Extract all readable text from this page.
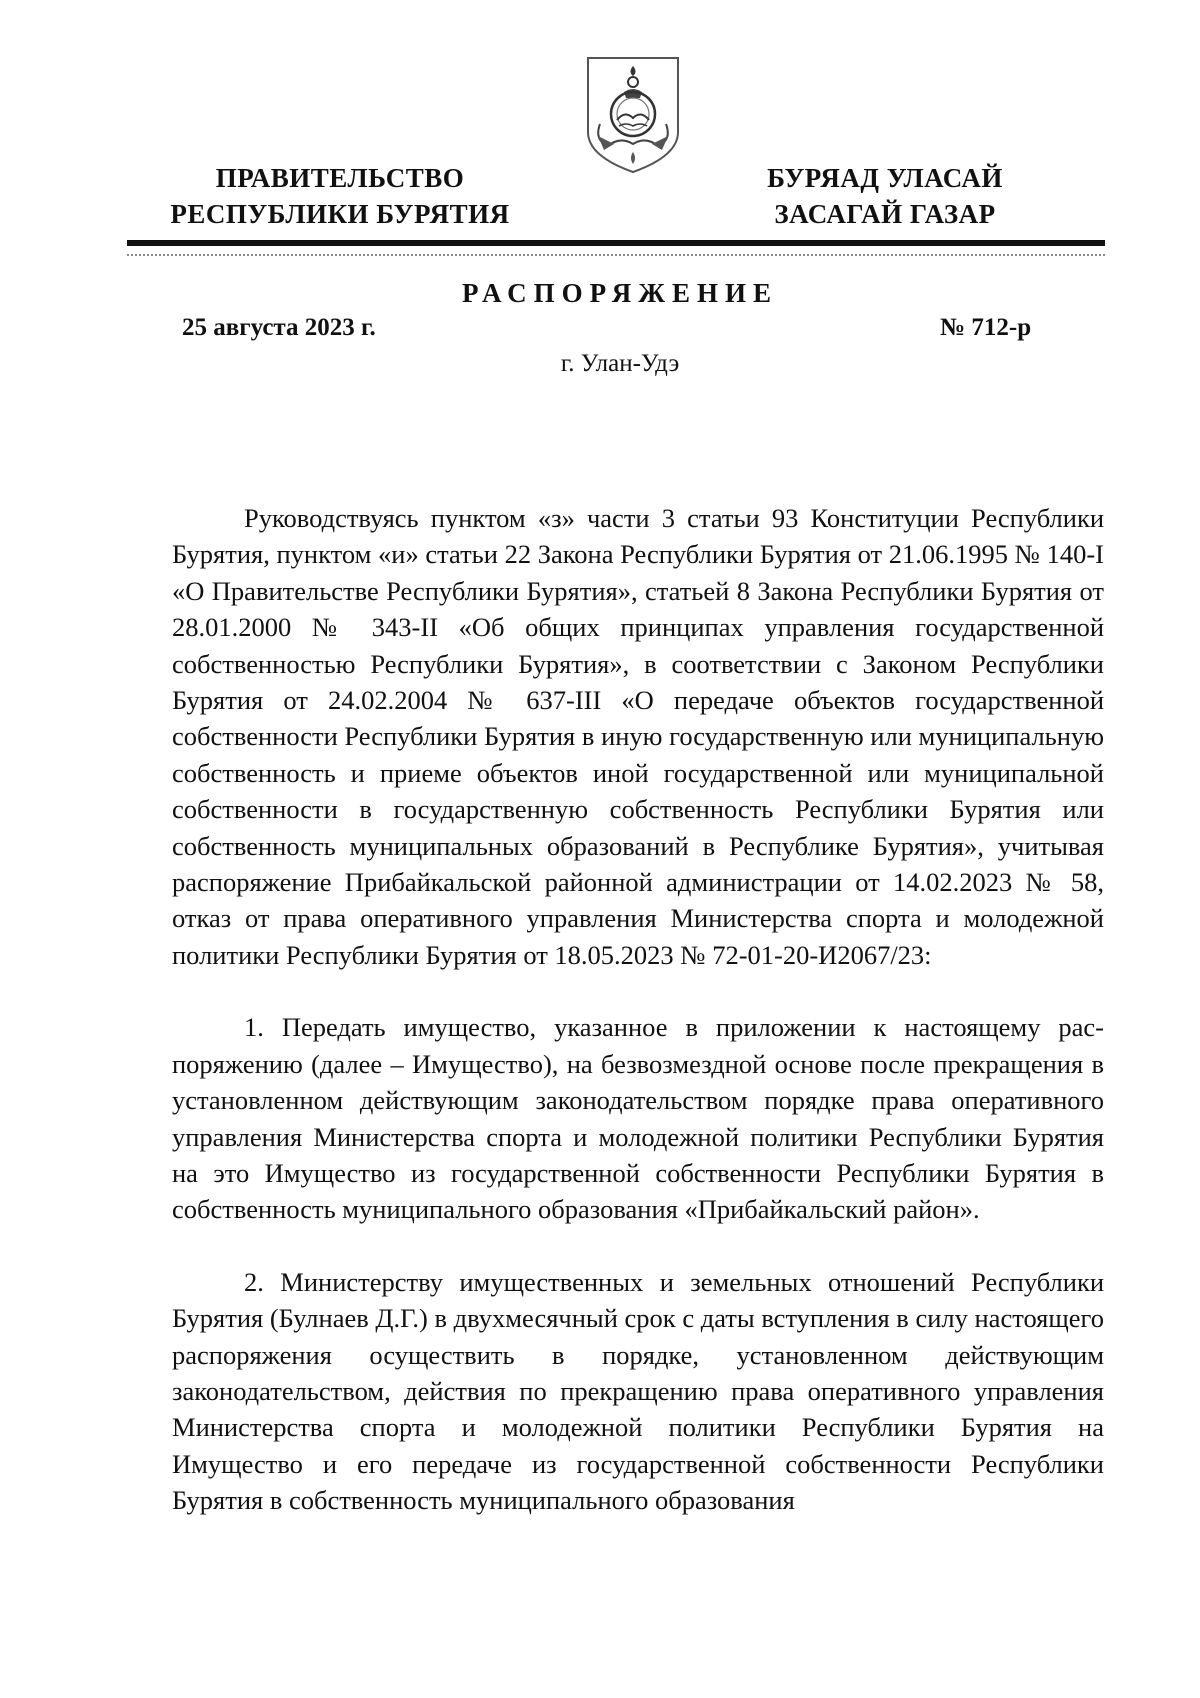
ПРАВИТЕЛЬСТВО
РЕСПУБЛИКИ БУРЯТИЯ
БУРЯАД УЛАСАЙ
ЗАСАГАЙ ГАЗАР
РАСПОРЯЖЕНИЕ
25 августа 2023 г.	№ 712-р
г. Улан-Удэ

Руководствуясь пунктом «з» части 3 статьи 93 Конституции Республики Бурятия, пунктом «и» статьи 22 Закона Республики Бурятия от 21.06.1995 № 140-I «О Правительстве Республики Бурятия», статьей 8 Закона Республики Бурятия от 28.01.2000 № 343-II «Об общих принципах управления государственной собственностью Республики Бурятия», в соответствии с Законом Республики Бурятия от 24.02.2004 № 637-III «О передаче объектов государственной собственности Республики Бурятия в иную государственную или муниципальную собственность и приеме объектов иной государственной или муниципальной собственности в государственную собственность Республики Бурятия или собственность муниципальных образований в Республике Бурятия», учитывая распоряжение Прибайкальской районной администрации от 14.02.2023 № 58, отказ от права оперативного управления Министерства спорта и молодежной политики Республики Бурятия от 18.05.2023 № 72-01-20-И2067/23:

1. Передать имущество, указанное в приложении к настоящему распоряжению (далее – Имущество), на безвозмездной основе после прекращения в установленном действующим законодательством порядке права оперативного управления Министерства спорта и молодежной политики Республики Бурятия на это Имущество из государственной собственности Республики Бурятия в собственность муниципального образования «Прибайкальский район».

2. Министерству имущественных и земельных отношений Республики Бурятия (Булнаев Д.Г.) в двухмесячный срок с даты вступления в силу настоящего распоряжения осуществить в порядке, установленном действующим законодательством, действия по прекращению права оперативного управления Министерства спорта и молодежной политики Республики Бурятия на Имущество и его передаче из государственной собственности Республики Бурятия в собственность муниципального образования
